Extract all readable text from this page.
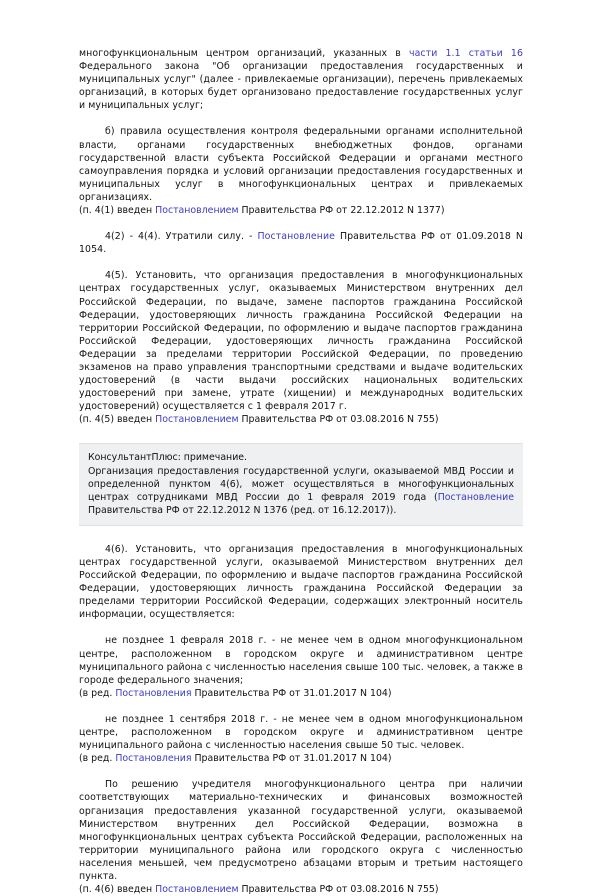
многофункциональным центром организаций, указанных в части 1.1 статьи 16 Федерального закона "Об организации предоставления государственных и муниципальных услуг" (далее - привлекаемые организации), перечень привлекаемых организаций, в которых будет организовано предоставление государственных услуг и муниципальных услуг;

б) правила осуществления контроля федеральными органами исполнительной власти, органами государственных внебюджетных фондов, органами государственной власти субъекта Российской Федерации и органами местного самоуправления порядка и условий организации предоставления государственных и муниципальных услуг в многофункциональных центрах и привлекаемых организациях.

(п. 4(1) введен Постановлением Правительства РФ от 22.12.2012 N 1377)

4(2) - 4(4). Утратили силу. - Постановление Правительства РФ от 01.09.2018 N 1054.

4(5). Установить, что организация предоставления в многофункциональных центрах государственных услуг, оказываемых Министерством внутренних дел Российской Федерации, по выдаче, замене паспортов гражданина Российской Федерации, удостоверяющих личность гражданина Российской Федерации на территории Российской Федерации, по оформлению и выдаче паспортов гражданина Российской Федерации, удостоверяющих личность гражданина Российской Федерации за пределами территории Российской Федерации, по проведению экзаменов на право управления транспортными средствами и выдаче водительских удостоверений (в части выдачи российских национальных водительских удостоверений при замене, утрате (хищении) и международных водительских удостоверений) осуществляется с 1 февраля 2017 г.

(п. 4(5) введен Постановлением Правительства РФ от 03.08.2016 N 755)

КонсультантПлюс: примечание.

Организация предоставления государственной услуги, оказываемой МВД России и определенной пунктом 4(6), может осуществляться в многофункциональных центрах сотрудниками МВД России до 1 февраля 2019 года (Постановление Правительства РФ от 22.12.2012 N 1376 (ред. от 16.12.2017)).

4(6). Установить, что организация предоставления в многофункциональных центрах государственной услуги, оказываемой Министерством внутренних дел Российской Федерации, по оформлению и выдаче паспортов гражданина Российской Федерации, удостоверяющих личность гражданина Российской Федерации за пределами территории Российской Федерации, содержащих электронный носитель информации, осуществляется:

не позднее 1 февраля 2018 г. - не менее чем в одном многофункциональном центре, расположенном в городском округе и административном центре муниципального района с численностью населения свыше 100 тыс. человек, а также в городе федерального значения;

(в ред. Постановления Правительства РФ от 31.01.2017 N 104)

не позднее 1 сентября 2018 г. - не менее чем в одном многофункциональном центре, расположенном в городском округе и административном центре муниципального района с численностью населения свыше 50 тыс. человек.

(в ред. Постановления Правительства РФ от 31.01.2017 N 104)

По решению учредителя многофункционального центра при наличии соответствующих материально-технических и финансовых возможностей организация предоставления указанной государственной услуги, оказываемой Министерством внутренних дел Российской Федерации, возможна в многофункциональных центрах субъекта Российской Федерации, расположенных на территории муниципального района или городского округа с численностью населения меньшей, чем предусмотрено абзацами вторым и третьим настоящего пункта.

(п. 4(6) введен Постановлением Правительства РФ от 03.08.2016 N 755)
